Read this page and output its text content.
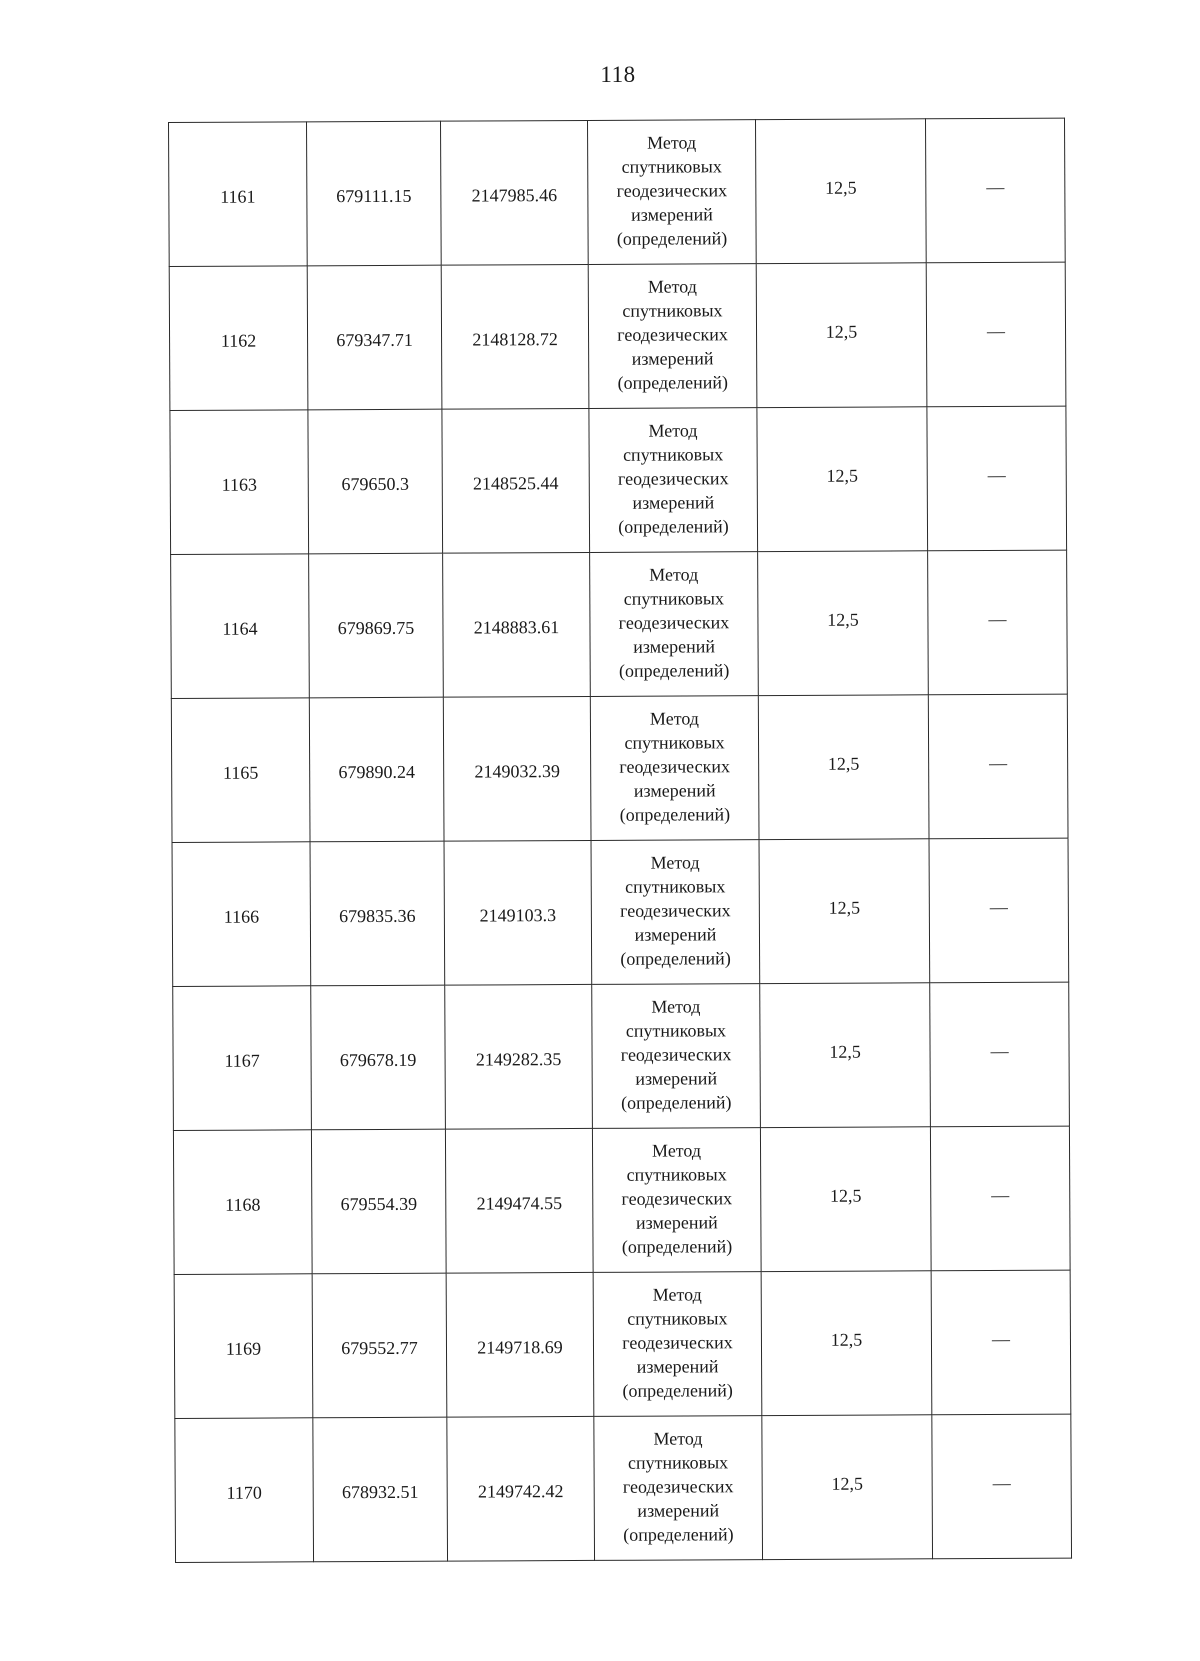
118
1161	679111.15	2147985.46	Метод
спутниковых
геодезических
измерений
(определений)	12,5	—
1162	679347.71	2148128.72	Метод
спутниковых
геодезических
измерений
(определений)	12,5	—
1163	679650.3	2148525.44	Метод
спутниковых
геодезических
измерений
(определений)	12,5	—
1164	679869.75	2148883.61	Метод
спутниковых
геодезических
измерений
(определений)	12,5	—
1165	679890.24	2149032.39	Метод
спутниковых
геодезических
измерений
(определений)	12,5	—
1166	679835.36	2149103.3	Метод
спутниковых
геодезических
измерений
(определений)	12,5	—
1167	679678.19	2149282.35	Метод
спутниковых
геодезических
измерений
(определений)	12,5	—
1168	679554.39	2149474.55	Метод
спутниковых
геодезических
измерений
(определений)	12,5	—
1169	679552.77	2149718.69	Метод
спутниковых
геодезических
измерений
(определений)	12,5	—
1170	678932.51	2149742.42	Метод
спутниковых
геодезических
измерений
(определений)	12,5	—
